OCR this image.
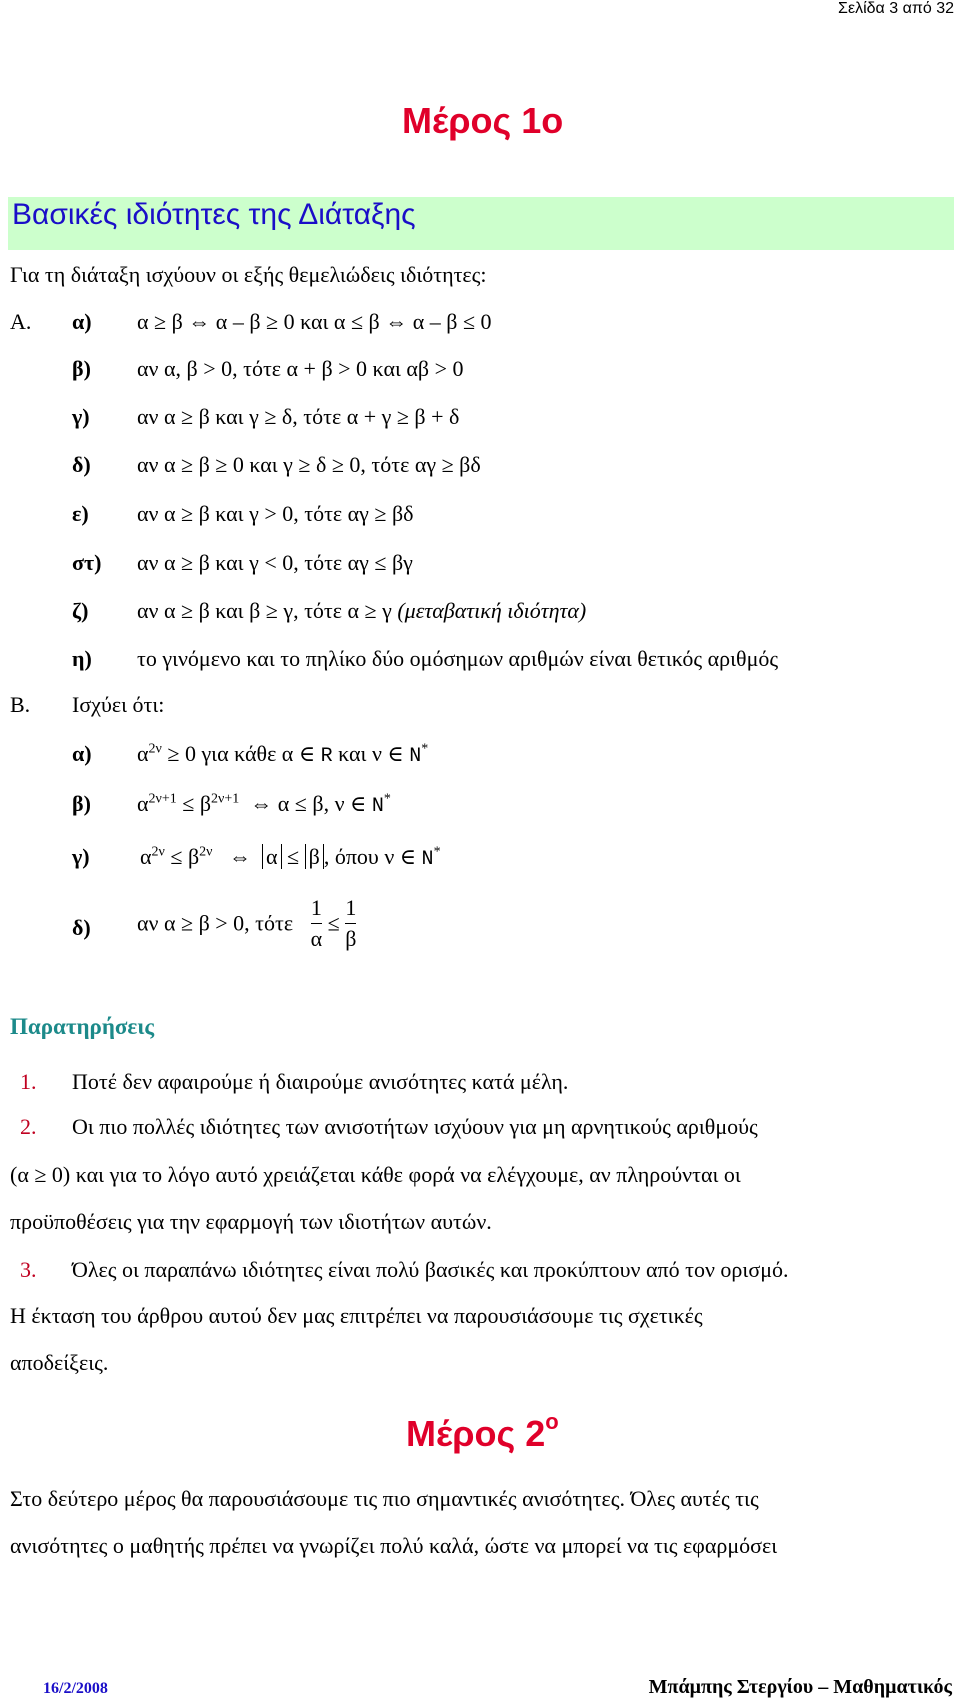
Σελίδα 3 από 32
Μέρος 1ο
Βασικές ιδιότητες της Διάταξης
Για τη διάταξη ισχύουν οι εξής θεμελιώδεις ιδιότητες:
Α. α) α ≥ β ⇔ α – β ≥ 0 και α ≤ β ⇔ α – β ≤ 0
β) αν α, β > 0, τότε α + β > 0 και αβ > 0
γ) αν α ≥ β και γ ≥ δ, τότε α + γ ≥ β + δ
δ) αν α ≥ β ≥ 0 και γ ≥ δ ≥ 0, τότε αγ ≥ βδ
ε) αν α ≥ β και γ > 0, τότε αγ ≥ βδ
στ) αν α ≥ β και γ < 0, τότε αγ ≤ βγ
ζ) αν α ≥ β και β ≥ γ, τότε α ≥ γ (μεταβατική ιδιότητα)
η) το γινόμενο και το πηλίκο δύο ομόσημων αριθμών είναι θετικός αριθμός
Β. Ισχύει ότι:
α) $\alpha^{2\nu} \ge 0$ για κάθε α ∈ R και ν ∈ N*
β) $\alpha^{2\nu+1} \le \beta^{2\nu+1}$ ⇔ α ≤ β, ν ∈ N*
γ) $\alpha^{2\nu} \le \beta^{2\nu}$ ⇔ α ≤ β , όπου ν ∈ N*
δ) αν α ≥ β > 0, τότε $\frac{1}{\alpha} \le \frac{1}{\beta}$
Παρατηρήσεις
1. Ποτέ δεν αφαιρούμε ή διαιρούμε ανισότητες κατά μέλη.
2. Οι πιο πολλές ιδιότητες των ανισοτήτων ισχύουν για μη αρνητικούς αριθμούς
(α ≥ 0) και για το λόγο αυτό χρειάζεται κάθε φορά να ελέγχουμε, αν πληρούνται οι
προϋποθέσεις για την εφαρμογή των ιδιοτήτων αυτών.
3. Όλες οι παραπάνω ιδιότητες είναι πολύ βασικές και προκύπτουν από τον ορισμό.
Η έκταση του άρθρου αυτού δεν μας επιτρέπει να παρουσιάσουμε τις σχετικές
αποδείξεις.
Μέρος $2^o$
Στο δεύτερο μέρος θα παρουσιάσουμε τις πιο σημαντικές ανισότητες. Όλες αυτές τις
ανισότητες ο μαθητής πρέπει να γνωρίζει πολύ καλά, ώστε να μπορεί να τις εφαρμόσει
16/2/2008	Μπάμπης Στεργίου – Μαθηματικός
